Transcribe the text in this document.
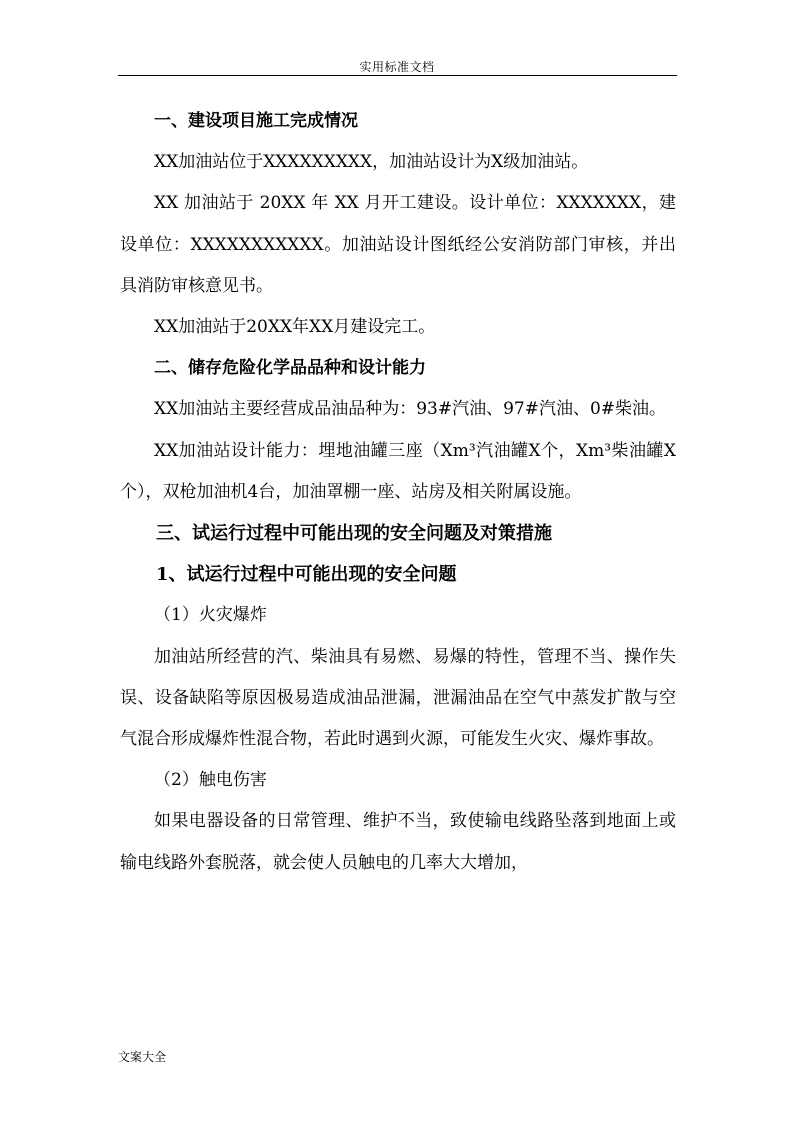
实用标准文档

一、建设项目施工完成情况

XX加油站位于XXXXXXXXX，加油站设计为X级加油站。

XX 加油站于 20XX 年 XX 月开工建设。设计单位：XXXXXXX，建设单位：XXXXXXXXXXX。加油站设计图纸经公安消防部门审核，并出具消防审核意见书。

XX加油站于20XX年XX月建设完工。

二、储存危险化学品品种和设计能力

XX加油站主要经营成品油品种为：93#汽油、97#汽油、0#柴油。

XX加油站设计能力：埋地油罐三座（Xm³汽油罐X个，Xm³柴油罐X个），双枪加油机4台，加油罩棚一座、站房及相关附属设施。

三、试运行过程中可能出现的安全问题及对策措施

1、试运行过程中可能出现的安全问题

（1）火灾爆炸

加油站所经营的汽、柴油具有易燃、易爆的特性，管理不当、操作失误、设备缺陷等原因极易造成油品泄漏，泄漏油品在空气中蒸发扩散与空气混合形成爆炸性混合物，若此时遇到火源，可能发生火灾、爆炸事故。

（2）触电伤害

如果电器设备的日常管理、维护不当，致使输电线路坠落到地面上或输电线路外套脱落，就会使人员触电的几率大大增加，

文案大全
